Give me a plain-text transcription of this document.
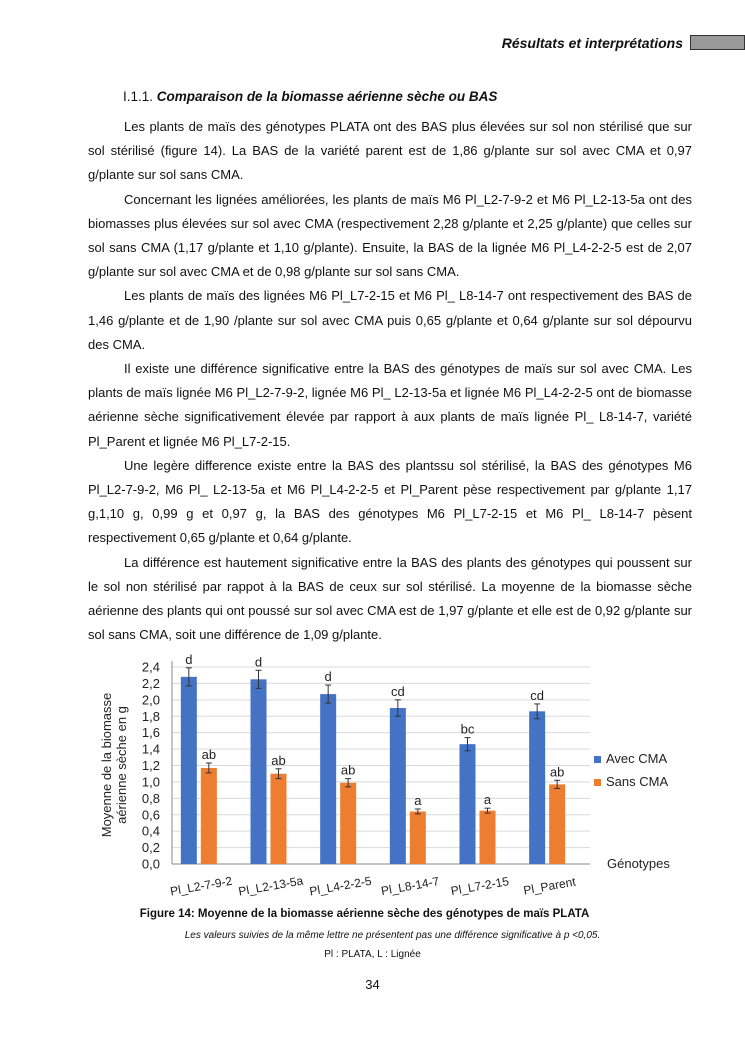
Résultats et interprétations
I.1.1. Comparaison de la biomasse aérienne sèche ou BAS

Les plants de maïs des génotypes PLATA ont des BAS plus élevées sur sol non stérilisé que sur sol stérilisé (figure 14). La BAS de la variété parent est de 1,86 g/plante sur sol avec CMA et 0,97 g/plante sur sol sans CMA.

Concernant les lignées améliorées, les plants de maïs M6 Pl_L2-7-9-2 et M6 Pl_L2-13-5a ont des biomasses plus élevées sur sol avec CMA (respectivement 2,28 g/plante et 2,25 g/plante) que celles sur sol sans CMA (1,17 g/plante et 1,10 g/plante). Ensuite, la BAS de la lignée M6 Pl_L4-2-2-5 est de 2,07 g/plante sur sol avec CMA et de 0,98 g/plante sur sol sans CMA.

Les plants de maïs des lignées M6 Pl_L7-2-15 et M6 Pl_ L8-14-7 ont respectivement des BAS de 1,46 g/plante et de 1,90 /plante sur sol avec CMA puis 0,65 g/plante et 0,64 g/plante sur sol dépourvu des CMA.

Il existe une différence significative entre la BAS des génotypes de maïs sur sol avec CMA. Les plants de maïs lignée M6 Pl_L2-7-9-2, lignée M6 Pl_ L2-13-5a et lignée M6 Pl_L4-2-2-5 ont de biomasse aérienne sèche significativement élevée par rapport à aux plants de maïs lignée Pl_ L8-14-7, variété Pl_Parent et lignée M6 Pl_L7-2-15.

Une legère difference existe entre la BAS des plantssu sol stérilisé, la BAS des génotypes M6 Pl_L2-7-9-2, M6 Pl_ L2-13-5a et M6 Pl_L4-2-2-5 et Pl_Parent pèse respectivement par g/plante 1,17 g,1,10 g, 0,99 g et 0,97 g, la BAS des génotypes M6 Pl_L7-2-15 et M6 Pl_ L8-14-7 pèsent respectivement 0,65 g/plante et 0,64 g/plante.

La différence est hautement significative entre la BAS des plants des génotypes qui poussent sur le sol non stérilisé par rappot à la BAS de ceux sur sol stérilisé. La moyenne de la biomasse sèche aérienne des plants qui ont poussé sur sol avec CMA est de 1,97 g/plante et elle est de 0,92 g/plante sur sol sans CMA, soit une différence de 1,09 g/plante.

0,0
0,2
0,4
0,6
0,8
1,0
1,2
1,4
1,6
1,8
2,0
2,2
2,4
Moyenne de la biomasseaérienne sèche en g
d
ab
Pl_L2-7-9-2
d
ab
Pl_L2-13-5a
d
ab
Pl_L4-2-2-5
cd
a
Pl_L8-14-7
bc
a
Pl_L7-2-15
cd
ab
Pl_Parent
Génotypes
Avec CMA
Sans CMA
Figure 14: Moyenne de la biomasse aérienne sèche des génotypes de maïs PLATA
Les valeurs suivies de la même lettre ne présentent pas une différence significative à p <0,05.
Pl : PLATA, L : Lignée
34
